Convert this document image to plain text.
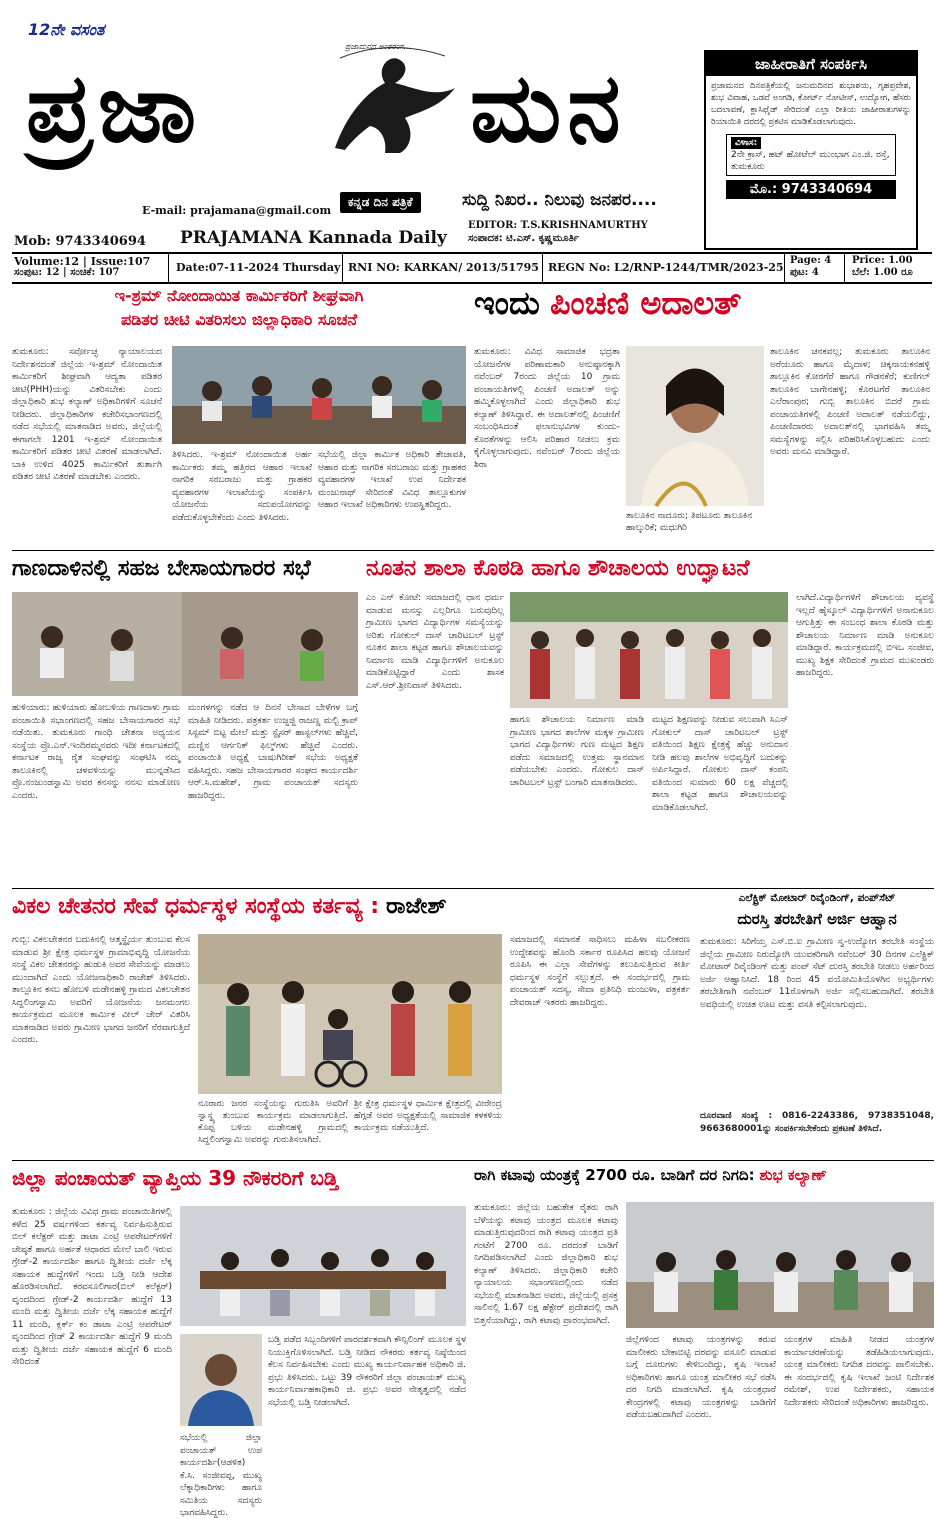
12ನೇ ವಸಂತ
ಪ್ರಜಾ
ಪ್ರಜಾಮನದ ಅಂತರಂಗ...
ಮನ
E-mail: prajamana@gmail.com
ಕನ್ನಡ ದಿನ ಪತ್ರಿಕೆ	ಸುದ್ದಿ ನಿಖರ.. ನಿಲುವು ಜನಪರ....
EDITOR: T.S.KRISHNAMURTHY
ಸಂಪಾದಕ: ಟಿ.ಎಸ್. ಕೃಷ್ಣಮೂರ್ತಿ
Mob: 9743340694 PRAJAMANA Kannada Daily
ಜಾಹೀರಾತಿಗೆ ಸಂಪರ್ಕಿಸಿ
ಪ್ರಜಾಮನದ ದಿನಪತ್ರಿಕೆಯಲ್ಲಿ ಜನುಮದಿನದ ಶುಭಾಶಯ, ಗೃಹಪ್ರವೇಶ, ಶುಭ ವಿವಾಹ, ಒಡವೆ ಅಂಗಡಿ, ಕೋರ್ಟ್ ನೋಟೀಸ್, ಉದ್ಯೋಗ, ಹೆಸರು ಬದಲಾವಣೆ, ಕ್ಲಾಸಿಫೈಡ್ ಸೇರಿದಂತೆ ಎಲ್ಲಾ ರೀತಿಯ ಜಾಹೀರಾತುಗಳನ್ನು ರಿಯಾಯಿತಿ ದರದಲ್ಲಿ ಪ್ರಕಟಿಸ ಮಾಡಿಕೊಡಲಾಗುವುದು.
ವಿಳಾಸ:
2ನೇ ಕ್ರಾಸ್, ಹಟ್ ಹೋಟೆಲ್ ಮುಂಭಾಗ ಎಂ.ಜಿ. ರಸ್ತೆ, ತುಮಕೂರು
ಮೊ.: 9743340694
Volume:12 | Issue:107
ಸಂಪುಟ: 12 | ಸಂಚಿಕೆ: 107	Date:07-11-2024 Thursday RNI NO: KARKAN/ 2013/51795 REGN No: L2/RNP-1244/TMR/2023-25
Page: 4
ಪುಟ: 4
Price: 1.00
ಬೆಲೆ: 1.00 ರೂ
ಇ-ಶ್ರಮ್ ನೋಂದಾಯಿತ ಕಾರ್ಮಿಕರಿಗೆ ಶೀಘ್ರವಾಗಿ
ಪಡಿತರ ಚೀಟಿ ವಿತರಿಸಲು ಜಿಲ್ಲಾಧಿಕಾರಿ ಸೂಚನೆ
ತುಮಕೂರು: ಸರ್ವೋಚ್ಛ ನ್ಯಾಯಾಲಯದ ನಿರ್ದೇಶನದಂತೆ ಜಿಲ್ಲೆಯ ಇ-ಶ್ರಮ್ ನೋಂದಾಯಿತ ಕಾರ್ಮಿಕರಿಗೆ ಶೀಘ್ರವಾಗಿ ಆದ್ಯತಾ ಪಡಿತರ ಚೀಟಿ(PHH)ಯನ್ನು ವಿತರಿಸಬೇಕು ಎಂದು ಜಿಲ್ಲಾಧಿಕಾರಿ ಶುಭ ಕಲ್ಯಾಣ್ ಅಧಿಕಾರಿಗಳಿಗೆ ಸೂಚನೆ ನೀಡಿದರು. ಜಿಲ್ಲಾಧಿಕಾರಿಗಳ ಕಚೇರಿಸಭಾಂಗಣದಲ್ಲಿ ನಡೆದ ಸಭೆಯಲ್ಲಿ ಮಾತನಾಡಿದ ಅವರು, ಜಿಲ್ಲೆಯಲ್ಲಿ ಈಗಾಗಲೇ 1201 ಇ-ಶ್ರಮ್ ನೋಂದಾಯಿತ ಕಾರ್ಮಿಕರಿಗೆ ಪಡಿತರ ಚೀಟಿ ವಿತರಣೆ ಮಾಡಲಾಗಿದೆ. ಬಾಕಿ ಉಳಿದ 4025 ಕಾರ್ಮಿಕರಿಗೆ ತುರ್ತಾಗಿ ಪಡಿತರ ಚೀಟಿ ವಿತರಣೆ ಮಾಡಬೇಕು ಎಂದರು.
ತಿಳಿಸಿದರು. ಇ-ಶ್ರಮ್ ನೋಂದಾಯಿತ ಅರ್ಹ ಕಾರ್ಮಿಕರು ತಮ್ಮ ಹತ್ತಿರದ ಆಹಾರ ಇಲಾಖೆ ನಾಗರಿಕ ಸರಬರಾಜು ಮತ್ತು ಗ್ರಾಹಕರ ವ್ಯವಹಾರಗಳ ಇಲಾಖೆಯನ್ನು ಸಂಪರ್ಕಿಸಿ ಯೋಜನೆಯ ಸದುಪಯೋಗವನ್ನು ಪಡೆದುಕೊಳ್ಳಬೇಕೆಂದು ಎಂದು ತಿಳಿಸಿದರು.
ಸಭೆಯಲ್ಲಿ ಜಿಲ್ಲಾ ಕಾರ್ಮಿಕ ಅಧಿಕಾರಿ ತೇಜಾವತಿ, ಆಹಾರ ಮತ್ತು ನಾಗರಿಕ ಸರಬರಾಜು ಮತ್ತು ಗ್ರಾಹಕರ ವ್ಯವಹಾರಗಳ ಇಲಾಖೆ ಉಪ ನಿರ್ದೇಶಕ ಮಂಜುನಾಥ್ ಸೇರಿದಂತೆ ವಿವಿಧ ತಾಲ್ಲೂಕುಗಳ ಆಹಾರ ಇಲಾಖೆ ಅಧಿಕಾರಿಗಳು ಉಪಸ್ಥಿತರಿದ್ದರು.
ಇಂದು ಪಿಂಚಣಿ ಅದಾಲತ್
ತುಮಕೂರು: ವಿವಿಧ ಸಾಮಾಜಿಕ ಭದ್ರತಾ ಯೋಜನೆಗಳ ಪರಿಣಾಮಕಾರಿ ಅನುಷ್ಠಾನಕ್ಕಾಗಿ ನವೆಂಬರ್ 7ರಂದು ಜಿಲ್ಲೆಯ 10 ಗ್ರಾಮ ಪಂಚಾಯತಿಗಳಲ್ಲಿ ಪಿಂಚಣಿ ಅದಾಲತ್ ಅನ್ನು ಹಮ್ಮಿಕೊಳ್ಳಲಾಗಿದೆ ಎಂದು ಜಿಲ್ಲಾಧಿಕಾರಿ ಶುಭ ಕಲ್ಯಾಣ್ ತಿಳಿಸಿದ್ದಾರೆ. ಈ ಅದಾಲತ್‌ನಲ್ಲಿ ಪಿಂಚಣಿಗೆ ಸಂಬಂಧಿಸಿದಂತೆ ಫಲಾನುಭವಿಗಳ ಕುಂದು-ಕೊರತೆಗಳನ್ನು ಆಲಿಸಿ ಪರಿಹಾರ ನೀಡಲು ಕ್ರಮ ಕೈಗೊಳ್ಳಲಾಗುವುದು. ನವೆಂಬರ್ 7ರಂದು ಜಿಲ್ಲೆಯ ಶಿರಾ
ತಾಲೂಕಿನ ನಾದೂರು; ತಿಪಟೂರು ತಾಲೂಕಿನ ಹಾಲ್ಕುರಿಕೆ; ಮಧುಗಿರಿ
ತಾಲೂಕಿನ ಚನಕವಲ್ಲ; ತುಮಕೂರು ತಾಲೂಕಿನ ಅರೆಯೂರು ಹಾಗೂ ಮೈದಾಳ; ಚಿಕ್ಕನಾಯಕನಹಳ್ಳಿ ತಾಲ್ಲೂಕಿನ ಕೋರಗೆರೆ ಹಾಗೂ ಗೌಡನಕೆರೆ; ಕುಣಿಗಲ್ ತಾಲೂಕಿನ ಬಾಗೇನಹಳ್ಳಿ; ಕೊರಟಗೆರೆ ತಾಲೂಕಿನ ಎಲೆರಾಂಪುರ; ಗುಬ್ಬಿ ತಾಲೂಕಿನ ಬಿದರೆ ಗ್ರಾಮ ಪಂಚಾಯತಿಗಳಲ್ಲಿ ಪಿಂಚಣಿ ಅದಾಲತ್ ನಡೆಯಲಿದ್ದು, ಪಿಂಚಣಿದಾರರು ಅದಾಲತ್‌ನಲ್ಲಿ ಭಾಗವಹಿಸಿ ತಮ್ಮ ಸಮಸ್ಯೆಗಳನ್ನು ಸಲ್ಲಿಸಿ ಪರಿಹರಿಸಿಕೊಳ್ಳಬಹುದು ಎಂದು ಅವರು ಮನವಿ ಮಾಡಿದ್ದಾರೆ.
ಗಾಣದಾಳಿನಲ್ಲಿ ಸಹಜ ಬೇಸಾಯಗಾರರ ಸಭೆ
ಹುಳಿಯಾರು: ಹುಳಿಯಾರು ಹೋಬಳಿಯ ಗಾಣದಾಳು ಗ್ರಾಮ ಪಂಚಾಯಿತಿ ಸಭಾಂಗಣದಲ್ಲಿ ಸಹಜ ಬೇಸಾಯಗಾರರ ಸಭೆ ನಡೆಯಿತು. ತುಮಕೂರು ಗಾಂಧಿ ಚೇತನಾ ಅಧ್ಯಯನ ಸಂಸ್ಥೆಯ ಪ್ರೊ.ಎನ್.ಇಂದಿರಮ್ಮನವರು ಇದೀ ಕರ್ನಾಟಕದಲ್ಲಿ ಕರ್ನಾಟಕ ರಾಜ್ಯ ರೈತ ಸಂಘವನ್ನು ಸಂಘಟಿಸಿ ನಮ್ಮ ತಾಲೂಕಿನಲ್ಲಿ ಚಳವಳಿಯನ್ನು ಮುನ್ನಡೆಸಿದ ಪ್ರೊ.ನಂಜುಂಡಸ್ವಾಮಿ ಅವರ ಕನಸನ್ನು ನನಸು ಮಾಡೋಣ ಎಂದರು.
ಮಂಗಳಗನ್ನು ನಡೆದ ಆ ದಿನಸೆ ಬೇಸಾದ ಬೇಳೆಗಳ ಬಗ್ಗೆ ಮಾಹಿತಿ ನೀಡಿದರು. ಪತ್ರಕರ್ತ ಉಜ್ಜಜ್ಜಿ ರಾಜಣ್ಣ ಮಲ್ಟಿ ಕ್ರಾಪ್ ಸಿಸ್ಟಮ್ ಬಿಟ್ಟ ಮೇಲೆ ಮತ್ತು ಸ್ಟೈಸರ್ ಹಾಸ್ಟಲ್‌ಗಳು ಹೆಚ್ಚಿವೆ, ಮಣ್ಣಿನ ಆರ್ಗನಿಕ್ ಫಿಲ್ಮ್‌ಗಳು ಹೆಚ್ಚಿವೆ ಎಂದರು. ಪಂಚಾಯಿತಿ ಅಧ್ಯಕ್ಷೆ ಬಾಷುಗಿರೀಶ್ ಸಭೆಯ ಅಧ್ಯಕ್ಷತೆ ವಹಿಸಿದ್ದರು. ಸಹಜ ಬೇಸಾಯಗಾರರ ಸಂಘದ ಕಾರ್ಯದರ್ಶಿ ಆರ್.ಸಿ.ಮಹೇಶ್, ಗ್ರಾಮ ಪಂಚಾಯತ್ ಸದಸ್ಯರು ಹಾಜರಿದ್ದರು.
ನೂತನ ಶಾಲಾ ಕೊಠಡಿ ಹಾಗೂ ಶೌಚಾಲಯ ಉದ್ಘಾಟನೆ
ಎಂ ಎನ್ ಕೋಟೆ: ಸಮಾಜದಲ್ಲಿ ಧಾನ ಧರ್ಮ ಮಾಡುವ ಮನಸ್ಸು ಎಲ್ಲರಿಗೂ ಬರುವುದಿಲ್ಲ ಗ್ರಾಮೀಣ ಭಾಗದ ವಿದ್ಯಾರ್ಥಿಗಳ ಸಮಸ್ಯೆಯನ್ನು ಅರಿತು ಗೋಕುಲ್ ದಾಸ್ ಚಾರಿಟಬಲ್ ಟ್ರಸ್ಟ್ ನೂತನ ಶಾಲಾ ಕಟ್ಟಡ ಹಾಗೂ ಶೌಚಾಲಯವನ್ನು ನಿರ್ಮಾಣ ಮಾಡಿ ವಿದ್ಯಾರ್ಥಿಗಳಿಗೆ ಅನುಕೂಲ ಮಾಡಿಕೊಟ್ಟಿದ್ದಾರೆ ಎಂದು ಶಾಸಕ ಎಸ್.ಆರ್.ಶ್ರೀನಿವಾಸ್ ತಿಳಿಸಿದರು.
ಹಾಗೂ ಶೌಚಾಲಯ ನಿರ್ಮಾಣ ಮಾಡಿ ಗ್ರಾಮೀಣ ಭಾಗದ ಶಾಲೆಗಳ ಮಕ್ಕಳ ಗ್ರಾಮೀಣ ಭಾಗದ ವಿದ್ಯಾರ್ಥಿಗಳು ಗುಣ ಮಟ್ಟದ ಶಿಕ್ಷಣ ಪಡೆದು ಸಮಾಜದಲ್ಲಿ ಉತ್ತಮ ಸ್ಥಾನಮಾನ ಪಡೆಯಬೇಕು ಎಂದರು. ಗೋಕುಲ ದಾಸ್ ಚಾರಿಟಬಲ್ ಟ್ರಸ್ಟ್ ಬಂಗಾರಿ ಮಾತನಾಡಿದರು.
ಮಟ್ಟದ ಶಿಕ್ಷಣವನ್ನು ನೀಡುವ ಸಲುವಾಗಿ ಸಿಎಸ್ ಗೋಕುಲ್ ದಾಸ್ ಚಾರಿಟಬಲ್ ಟ್ರಸ್ಟ್ ವತಿಯಿಂದ ಶಿಕ್ಷಣ ಕ್ಷೇತ್ರಕ್ಕೆ ಹೆಚ್ಚು ಅನುದಾನ ನೀಡಿ ಹಲವು ಶಾಲೆಗಳ ಅಭಿವೃದ್ಧಿಗೆ ಬದುಕನ್ನು ಅರ್ಪಿಸಿದ್ದಾರೆ. ಗೋಕುಲ ದಾಸ್ ಕಂಪನಿ ವತಿಯಿಂದ ಸುಮಾರು 60 ಲಕ್ಷ ವೆಚ್ಚದಲ್ಲಿ ಶಾಲಾ ಕಟ್ಟಡ ಹಾಗೂ ಶೌಚಾಲಯವನ್ನು ಮಾಡಿಕೊಡಲಾಗಿದೆ.
ಲಾಗಿದೆ.ವಿದ್ಯಾರ್ಥಿಗಳಿಗೆ ಶೌಚಾಲಯ ವ್ಯವಸ್ಥೆ ಇಲ್ಲದೆ ಹೈಸ್ಕೂಲ್ ವಿದ್ಯಾರ್ಥಿಗಳಿಗೆ ಅನಾನುಕೂಲ ಆಗುತ್ತಿತ್ತು ಈ ಸಂಬಂಧ ಶಾಲಾ ಕೊಠಡಿ ಮತ್ತು ಶೌಚಾಲಯ ನಿರ್ಮಾಣ ಮಾಡಿ ಅನುಕೂಲ ಮಾಡಿದ್ದಾರೆ. ಕಾರ್ಯಕ್ರಮದಲ್ಲಿ ಬಿಇಒ ಸಂಜೀವ, ಮುಖ್ಯ ಶಿಕ್ಷಕ ಸೇರಿದಂತೆ ಗ್ರಾಮದ ಮುಖಂಡರು ಹಾಜರಿದ್ದರು.
ವಿಕಲ ಚೇತನರ ಸೇವೆ ಧರ್ಮಸ್ಥಳ ಸಂಸ್ಥೆಯ ಕರ್ತವ್ಯ : ರಾಜೇಶ್
ಗುಬ್ಬಿ: ವಿಕಲಚೇತನರ ಬದುಕಿನಲ್ಲಿ ಆತ್ಮಸ್ಥೈರ್ಯ ತುಂಬುವ ಕೆಲಸ ಮಾಡುವ ಶ್ರೀ ಕ್ಷೇತ್ರ ಧರ್ಮಸ್ಥಳ ಗ್ರಾಮಾಭಿವೃದ್ಧಿ ಯೋಜನೆಯ ಸಂಸ್ಥೆ ವಿಕಲ ಚೇತನರನ್ನು ಹುಡುಕಿ ಅವರ ಸೇವೆಯನ್ನು ಮಾಡಲು ಮುಂದಾಗಿದೆ ಎಂದು ಯೋಜನಾಧಿಕಾರಿ ರಾಜೇಶ್ ತಿಳಿಸಿದರು. ತಾಲ್ಲೂಕಿನ ಕಸಬ ಹೋಬಳಿ ಮಡೇನಹಳ್ಳಿ ಗ್ರಾಮದ ವಿಕಲಚೇತನ ಸಿದ್ದಲಿಂಗಸ್ವಾಮಿ ಅವರಿಗೆ ಯೋಜನೆಯ ಜನಮಂಗಲ ಕಾರ್ಯಕ್ರಮದ ಮೂಲಕ ಕಾರ್ಮಿಕ ವೀಲ್ ಚೇರ್ ವಿತರಿಸಿ ಮಾತನಾಡಿದ ಅವರು ಗ್ರಾಮೀಣ ಭಾಗದ ಜನರಿಗೆ ನೆರವಾಗುತ್ತಿದೆ ಎಂದರು.
ನೂರಾರು ಜನರ ಸಂಸ್ಥೆಯನ್ನು ಗುರುತಿಸಿ ಅವರಿಗೆ ಸ್ವಾಸ್ಥ್ಯ ತುಂಬುವ ಕಾರ್ಯಕ್ರಮ ಮಾಡಲಾಗುತ್ತಿದೆ. ಕೊಪ್ಪ ಬಳಿಯ ಮಡೇನಹಳ್ಳಿ ಗ್ರಾಮದಲ್ಲಿ ಸಿದ್ದಲಿಂಗಸ್ವಾಮಿ ಅವರನ್ನು ಗುರುತಿಸಲಾಗಿದೆ.
ಶ್ರೀ ಕ್ಷೇತ್ರ ಧರ್ಮಸ್ಥಳ ಧಾರ್ಮಿಕ ಕ್ಷೇತ್ರದಲ್ಲಿ ವೀರೇಂದ್ರ ಹೆಗ್ಗಡೆ ಅವರ ಅಧ್ಯಕ್ಷತೆಯಲ್ಲಿ ಸಾಮಾಜಿಕ ಕಳಕಳಿಯ ಕಾರ್ಯಕ್ರಮ ನಡೆಯುತ್ತಿದೆ.
ಸಮಾಜದಲ್ಲಿ ಸಮಾನತೆ ಸಾಧಿಸಲು ಮಹಿಳಾ ಸಬಲೀಕರಣ ಉದ್ದೇಶವನ್ನು ಹೊಂದಿ ಸರ್ಕಾರ ರೂಪಿಸಿದ ಹಲವು ಯೋಜನೆ ರೂಪಿಸಿ ಈ ಎಲ್ಲಾ ಸೇವೆಗಳನ್ನು ತಲುಪಿಸುತ್ತಿರುವ ಕೀರ್ತಿ ಧರ್ಮಸ್ಥಳ ಸಂಸ್ಥೆಗೆ ಸಲ್ಲುತ್ತದೆ. ಈ ಸಂದರ್ಭದಲ್ಲಿ ಗ್ರಾಮ ಪಂಚಾಯತ್ ಸದಸ್ಯ, ಸೇವಾ ಪ್ರತಿನಿಧಿ ಮಂಜುಳಾ, ಪತ್ರಕರ್ತ ದೇವರಾಜ್ ಇತರರು ಹಾಜರಿದ್ದರು.
ಎಲೆಕ್ಟ್ರಿಕ್ ಮೋಟಾರ್ ರಿವೈಂಡಿಂಗ್, ಪಂಪ್‌ಸೆಟ್
ದುರಸ್ತಿ ತರಬೇತಿಗೆ ಅರ್ಜಿ ಆಹ್ವಾನ
ತುಮಕೂರು: ಸಿರಿಗೆಯ್ತ ಎಸ್.ಬಿ.ಐ ಗ್ರಾಮೀಣ ಸ್ವ-ಉದ್ಯೋಗ ತರಬೇತಿ ಸಂಸ್ಥೆಯ ಜಿಲ್ಲೆಯ ಗ್ರಾಮೀಣ ನಿರುದ್ಯೋಗಿ ಯುವಕರಿಗಾಗಿ ನವೆಂಬರ್ 30 ದಿನಗಳ ಎಲೆಕ್ಟ್ರಿಕ್ ಮೋಟಾರ್ ರಿವೈಂಡಿಂಗ್ ಮತ್ತು ಪಂಪ್ ಸೆಟ್ ದುರಸ್ತಿ ತರಬೇತಿ ನೀಡಲು ಅರ್ಹರಿಂದ ಅರ್ಜಿ ಆಹ್ವಾನಿಸಿದೆ. 18 ರಿಂದ 45 ವಯೋಮಿತಿಯೊಳಗಿನ ಅಭ್ಯರ್ಥಿಗಳು ತರಬೇತಿಗಾಗಿ ನವೆಂಬರ್ 11ರೊಳಗಾಗಿ ಅರ್ಜಿ ಸಲ್ಲಿಸಬಹುದಾಗಿದೆ. ತರಬೇತಿ ಅವಧಿಯಲ್ಲಿ ಉಚಿತ ಊಟ ಮತ್ತು ವಸತಿ ಕಲ್ಪಿಸಲಾಗುವುದು.
ದೂರವಾಣಿ ಸಂಖ್ಯೆ : 0816-2243386, 9738351048, 9663680001ನ್ನು ಸಂಪರ್ಕಿಸಬೇಕೆಂದು ಪ್ರಕಟಣೆ ತಿಳಿಸಿದೆ.
ಜಿಲ್ಲಾ ಪಂಚಾಯತ್ ವ್ಯಾಪ್ತಿಯ 39 ನೌಕರರಿಗೆ ಬಡ್ತಿ
ತುಮಕೂರು : ಜಿಲ್ಲೆಯ ವಿವಿಧ ಗ್ರಾಮ ಪಂಚಾಯಿತಿಗಳಲ್ಲಿ ಕಳೆದ 25 ವರ್ಷಗಳಿಂದ ಕರ್ತವ್ಯ ನಿರ್ವಹಿಸುತ್ತಿರುವ ಬಿಲ್ ಕಲೆಕ್ಟರ್ ಮತ್ತು ಡಾಟಾ ಎಂಟ್ರಿ ಆಪರೇಟರ್‌ಗಳಿಗೆ ಜೇಷ್ಠತೆ ಹಾಗೂ ಅರ್ಹತೆ ಆಧಾರದ ಮೇಲೆ ಬಾಲಿ ಇರುವ ಗ್ರೇಡ್-2 ಕಾರ್ಯದರ್ಶಿ ಹಾಗೂ ದ್ವಿತೀಯ ದರ್ಜೆ ಲೆಕ್ಕ ಸಹಾಯಕ ಹುದ್ದೆಗಳಿಗೆ ಇಂದು ಬಡ್ತಿ ನೀಡಿ ಆದೇಶ ಹೊರಡಿಸಲಾಗಿದೆ. ಕರವಸೂಲಿಗಾರ(ಬಿಲ್ ಕಲೆಕ್ಟರ್) ವೃಂದದಿಂದ ಗ್ರೇಡ್-2 ಕಾರ್ಯದರ್ಶಿ ಹುದ್ದೆಗೆ 13 ಮಂದಿ ಮತ್ತು ದ್ವಿತೀಯ ದರ್ಜೆ ಲೆಕ್ಕ ಸಹಾಯಕ ಹುದ್ದೆಗೆ 11 ಮಂದಿ, ಕ್ಲರ್ಕ್ ಕಂ ಡಾಟಾ ಎಂಟ್ರಿ ಆಪರೇಟರ್ ವೃಂದದಿಂದ ಗ್ರೇಡ್ 2 ಕಾರ್ಯದರ್ಶಿ ಹುದ್ದೆಗೆ 9 ಮಂದಿ ಮತ್ತು ದ್ವಿತೀಯ ದರ್ಜೆ ಸಹಾಯಕ ಹುದ್ದೆಗೆ 6 ಮಂದಿ ಸೇರಿದಂತೆ
ಬಡ್ತಿ ಪಡೆದ ಸಿಬ್ಬಂದಿಗಳಿಗೆ ಪಾರದರ್ಶಕವಾಗಿ ಕೌನ್ಸಿಲಿಂಗ್ ಮೂಲಕ ಸ್ಥಳ ನಿಯುಕ್ತಿಗೊಳಿಸಲಾಗಿದೆ. ಬಡ್ತಿ ನೀಡಿದ ನೌಕರರು ಕರ್ತವ್ಯ ನಿಷ್ಠೆಯಿಂದ ಕೆಲಸ ನಿರ್ವಹಿಸಬೇಕು ಎಂದು ಮುಖ್ಯ ಕಾರ್ಯನಿರ್ವಾಹಕ ಅಧಿಕಾರಿ ಜಿ. ಪ್ರಭು ತಿಳಿಸಿದರು. ಒಟ್ಟು 39 ನೌಕರರಿಗೆ ಜಿಲ್ಲಾ ಪಂಚಾಯತ್ ಮುಖ್ಯ ಕಾರ್ಯನಿರ್ವಾಹಕಾಧಿಕಾರಿ ಜಿ. ಪ್ರಭು ಅವರ ನೇತೃತ್ವದಲ್ಲಿ ನಡೆದ ಸಭೆಯಲ್ಲಿ ಬಡ್ತಿ ನೀಡಲಾಗಿದೆ.
ಸಭೆಯಲ್ಲಿ ಜಿಲ್ಲಾ ಪಂಚಾಯತ್ ಉಪ ಕಾರ್ಯದರ್ಶಿ(ಆಡಳಿತ) ಕೆ.ಸಿ. ಸಂಜೀವಪ್ಪ, ಮುಖ್ಯ ಲೆಕ್ಕಾಧಿಕಾರಿಗಳು ಹಾಗೂ ಸಮಿತಿಯ ಸದಸ್ಯರು ಭಾಗವಹಿಸಿದ್ದರು.
ರಾಗಿ ಕಟಾವು ಯಂತ್ರಕ್ಕೆ 2700 ರೂ. ಬಾಡಿಗೆ ದರ ನಿಗದಿ: ಶುಭ ಕಲ್ಯಾಣ್
ತುಮಕೂರು: ಜಿಲ್ಲೆಯ ಬಹುತೇಕ ರೈತರು ರಾಗಿ ಬೆಳೆಯನ್ನು ಕಟಾವು ಯಂತ್ರದ ಮೂಲಕ ಕಟಾವು ಮಾಡುತ್ತಿರುವುದರಿಂದ ರಾಗಿ ಕಟಾವು ಯಂತ್ರದ ಪ್ರತಿ ಗಂಟೆಗೆ 2700 ರೂ. ದರದಂತೆ ಬಾಡಿಗೆ ನಿಗದಿಪಡಿಸಲಾಗಿದೆ ಎಂದು ಜಿಲ್ಲಾಧಿಕಾರಿ ಶುಭ ಕಲ್ಯಾಣ್ ತಿಳಿಸಿದರು. ಜಿಲ್ಲಾಧಿಕಾರಿ ಕಚೇರಿ ನ್ಯಾಯಾಲಯ ಸಭಾಂಗಣದಲ್ಲಿಂದು ನಡೆದ ಸಭೆಯಲ್ಲಿ ಮಾತನಾಡಿದ ಅವರು, ಜಿಲ್ಲೆಯಲ್ಲಿ ಪ್ರಸಕ್ತ ಸಾಲಿನಲ್ಲಿ 1.67 ಲಕ್ಷ ಹೆಕ್ಟೇರ್ ಪ್ರದೇಶದಲ್ಲಿ ರಾಗಿ ಬಿತ್ತನೆಯಾಗಿದ್ದು, ರಾಗಿ ಕಟಾವು ಪ್ರಾರಂಭವಾಗಿದೆ.
ಜಿಲ್ಲೆಗಳಿಂದ ಕಟಾವು ಯಂತ್ರಗಳನ್ನು ತರುವ ಮಾಲೀಕರು ಬೇಕಾಬಿಟ್ಟಿ ದರವನ್ನು ವಸೂಲಿ ಮಾಡುವ ಬಗ್ಗೆ ದೂರುಗಳು ಕೇಳಿಬಂದಿದ್ದು, ಕೃಷಿ ಇಲಾಖೆ ಅಧಿಕಾರಿಗಳು ಹಾಗೂ ಯಂತ್ರ ಮಾಲೀಕರ ಸಭೆ ನಡೆಸಿ ದರ ನಿಗದಿ ಮಾಡಲಾಗಿದೆ. ಕೃಷಿ ಯಂತ್ರಧಾರೆ ಕೇಂದ್ರಗಳಲ್ಲಿ ಕಟಾವು ಯಂತ್ರಗಳನ್ನು ಬಾಡಿಗೆಗೆ ಪಡೆಯಬಹುದಾಗಿದೆ ಎಂದರು.
ಯಂತ್ರಗಳ ಮಾಹಿತಿ ನೀಡದ ಯಂತ್ರಗಳ ಕಾರ್ಯಾಚರಣೆಯನ್ನು ತಡೆಹಿಡಿಯಲಾಗುವುದು. ಯಂತ್ರ ಮಾಲೀಕರು ನಿಗದಿತ ದರವನ್ನು ಪಾಲಿಸಬೇಕು. ಈ ಸಂದರ್ಭದಲ್ಲಿ ಕೃಷಿ ಇಲಾಖೆ ಜಂಟಿ ನಿರ್ದೇಶಕ ರಮೇಶ್, ಉಪ ನಿರ್ದೇಶಕರು, ಸಹಾಯಕ ನಿರ್ದೇಶಕರು ಸೇರಿದಂತೆ ಅಧಿಕಾರಿಗಳು ಹಾಜರಿದ್ದರು.
